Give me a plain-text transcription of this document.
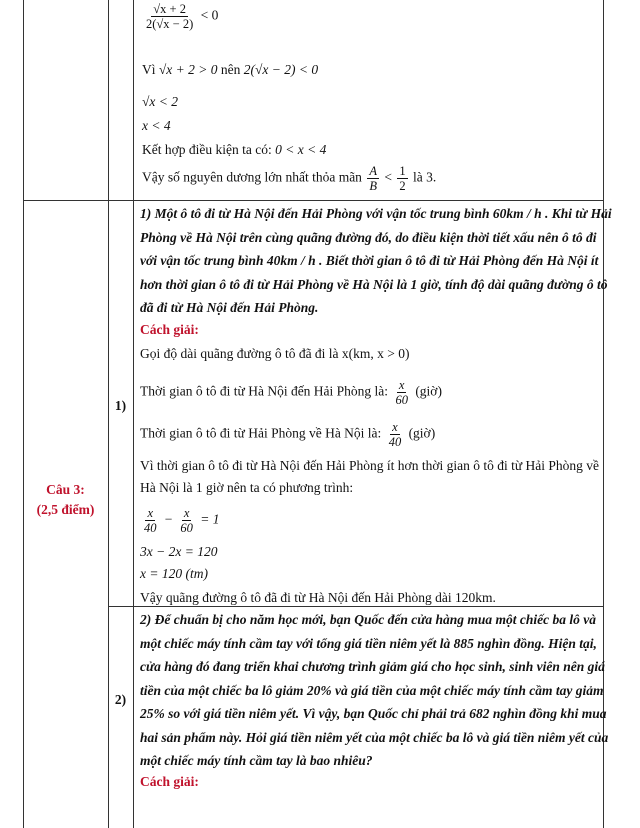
$\frac{√x + 2}{2(√x - 2)} < 0$
Vì √x + 2 > 0 nên 2(√x − 2) < 0
√x < 2
x < 4
Kết hợp điều kiện ta có: 0 < x < 4
Vậy số nguyên dương lớn nhất thỏa mãn $\frac{A}{B} < \frac{1}{2}$ là 3.
Câu 3:
(2,5 điểm)
1)
1) Một ô tô đi từ Hà Nội đến Hải Phòng với vận tốc trung bình 60km / h . Khi từ Hải
Phòng về Hà Nội trên cùng quãng đường đó, do điều kiện thời tiết xấu nên ô tô đi
với vận tốc trung bình 40km / h . Biết thời gian ô tô đi từ Hải Phòng đến Hà Nội ít
hơn thời gian ô tô đi từ Hải Phòng về Hà Nội là 1 giờ, tính độ dài quãng đường ô tô
đã đi từ Hà Nội đến Hải Phòng.
Cách giải:
Gọi độ dài quãng đường ô tô đã đi là x(km, x > 0)
Thời gian ô tô đi từ Hà Nội đến Hải Phòng là: $\frac{x}{60}$ (giờ)
Thời gian ô tô đi từ Hải Phòng về Hà Nội là: $\frac{x}{40}$ (giờ)
Vì thời gian ô tô đi từ Hà Nội đến Hải Phòng ít hơn thời gian ô tô đi từ Hải Phòng về
Hà Nội là 1 giờ nên ta có phương trình:
$\frac{x}{40} - \frac{x}{60} = 1$
3x − 2x = 120
x = 120 (tm)
Vậy quãng đường ô tô đã đi từ Hà Nội đến Hải Phòng dài 120km.
2)
2) Để chuẩn bị cho năm học mới, bạn Quốc đến cửa hàng mua một chiếc ba lô và
một chiếc máy tính cầm tay với tổng giá tiền niêm yết là 885 nghìn đồng. Hiện tại,
cửa hàng đó đang triển khai chương trình giảm giá cho học sinh, sinh viên nên giá
tiền của một chiếc ba lô giảm 20% và giá tiền của một chiếc máy tính cầm tay giảm
25% so với giá tiền niêm yết. Vì vậy, bạn Quốc chỉ phải trả 682 nghìn đồng khi mua
hai sản phẩm này. Hỏi giá tiền niêm yết của một chiếc ba lô và giá tiền niêm yết của
một chiếc máy tính cầm tay là bao nhiêu?
Cách giải:
